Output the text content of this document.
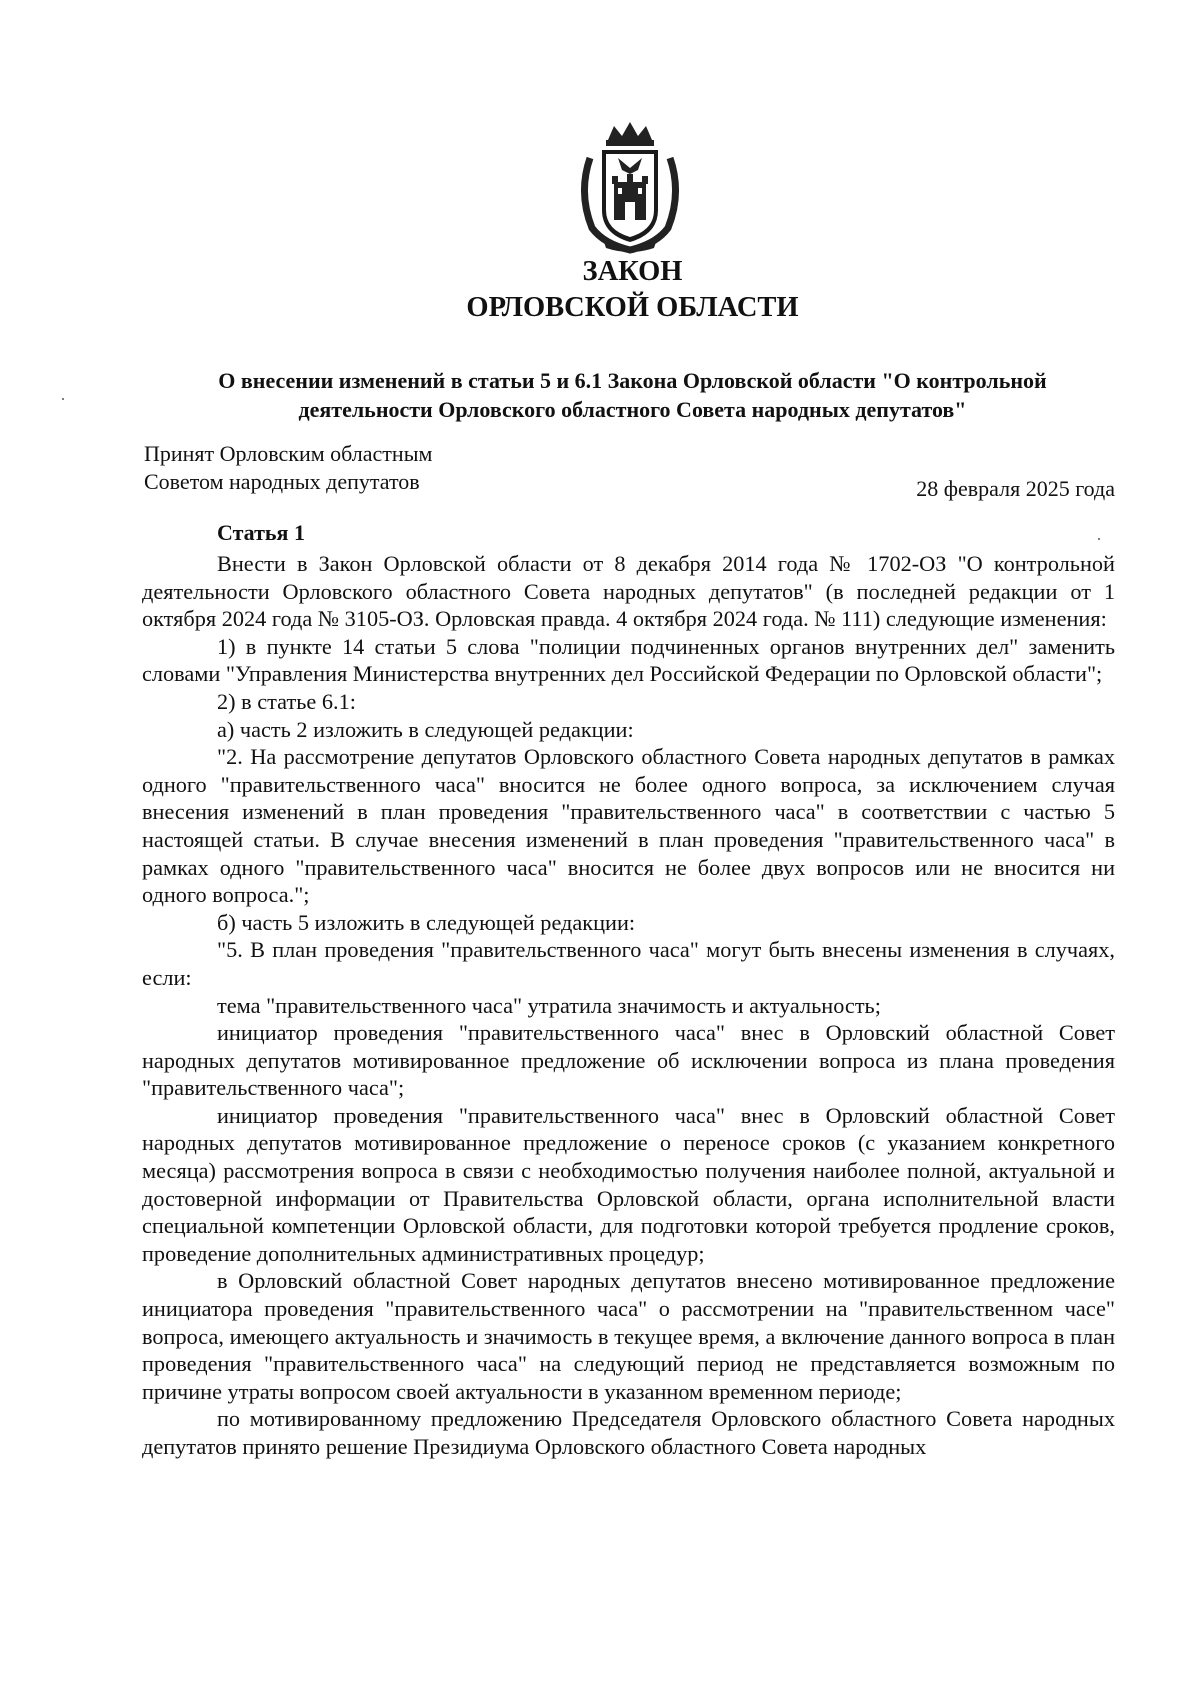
ЗАКОН
ОРЛОВСКОЙ ОБЛАСТИ
О внесении изменений в статьи 5 и 6.1 Закона Орловской области "О контрольной деятельности Орловского областного Совета народных депутатов"
Принят Орловским областным
Советом народных депутатов	28 февраля 2025 года
Статья 1

Внести в Закон Орловской области от 8 декабря 2014 года № 1702-ОЗ "О контрольной деятельности Орловского областного Совета народных депутатов" (в последней редакции от 1 октября 2024 года № 3105-ОЗ. Орловская правда. 4 октября 2024 года. № 111) следующие изменения:

1) в пункте 14 статьи 5 слова "полиции подчиненных органов внутренних дел" заменить словами "Управления Министерства внутренних дел Российской Федерации по Орловской области";

2) в статье 6.1:

а) часть 2 изложить в следующей редакции:

"2. На рассмотрение депутатов Орловского областного Совета народных депутатов в рамках одного "правительственного часа" вносится не более одного вопроса, за исключением случая внесения изменений в план проведения "правительственного часа" в соответствии с частью 5 настоящей статьи. В случае внесения изменений в план проведения "правительственного часа" в рамках одного "правительственного часа" вносится не более двух вопросов или не вносится ни одного вопроса.";

б) часть 5 изложить в следующей редакции:

"5. В план проведения "правительственного часа" могут быть внесены изменения в случаях, если:

тема "правительственного часа" утратила значимость и актуальность;

инициатор проведения "правительственного часа" внес в Орловский областной Совет народных депутатов мотивированное предложение об исключении вопроса из плана проведения "правительственного часа";

инициатор проведения "правительственного часа" внес в Орловский областной Совет народных депутатов мотивированное предложение о переносе сроков (с указанием конкретного месяца) рассмотрения вопроса в связи с необходимостью получения наиболее полной, актуальной и достоверной информации от Правительства Орловской области, органа исполнительной власти специальной компетенции Орловской области, для подготовки которой требуется продление сроков, проведение дополнительных административных процедур;

в Орловский областной Совет народных депутатов внесено мотивированное предложение инициатора проведения "правительственного часа" о рассмотрении на "правительственном часе" вопроса, имеющего актуальность и значимость в текущее время, а включение данного вопроса в план проведения "правительственного часа" на следующий период не представляется возможным по причине утраты вопросом своей актуальности в указанном временном периоде;

по мотивированному предложению Председателя Орловского областного Совета народных депутатов принято решение Президиума Орловского областного Совета народных
